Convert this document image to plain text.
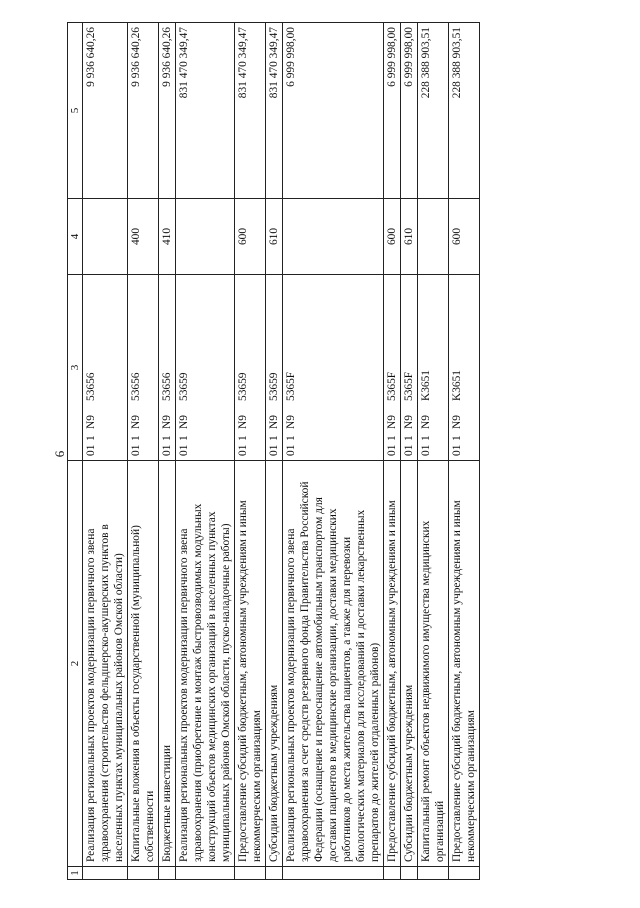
6
1	2	3	4	5
	Реализация региональных проектов модернизации первичного звена здравоохранения (строительство фельдшерско-акушерских пунктов в населенных пунктах муниципальных районов Омской области)	011N953656		9 936 640,26
	Капитальные вложения в объекты государственной (муниципальной) собственности	011N953656	400	9 936 640,26
	Бюджетные инвестиции	011N953656	410	9 936 640,26
	Реализация региональных проектов модернизации первичного звена здравоохранения (приобретение и монтаж быстровозводимых модульных конструкций объектов медицинских организаций в населенных пунктах муниципальных районов Омской области, пуско-наладочные работы)	011N953659		831 470 349,47
	Предоставление субсидий бюджетным, автономным учреждениям и иным некоммерческим организациям	011N953659	600	831 470 349,47
	Субсидии бюджетным учреждениям	011N953659	610	831 470 349,47
	Реализация региональных проектов модернизации первичного звена здравоохранения за счет средств резервного фонда Правительства Российской Федерации (оснащение и переоснащение автомобильным транспортом для доставки пациентов в медицинские организации, доставки медицинских работников до места жительства пациентов, а также для перевозки биологических материалов для исследований и доставки лекарственных препаратов до жителей отдаленных районов)	011N95365F		6 999 998,00
	Предоставление субсидий бюджетным, автономным учреждениям и иным	011N95365F	600	6 999 998,00
	Субсидии бюджетным учреждениям	011N95365F	610	6 999 998,00
	Капитальный ремонт объектов недвижимого имущества медицинских организаций	011N9K3651		228 388 903,51
	Предоставление субсидий бюджетным, автономным учреждениям и иным некоммерческим организациям	011N9K3651	600	228 388 903,51
